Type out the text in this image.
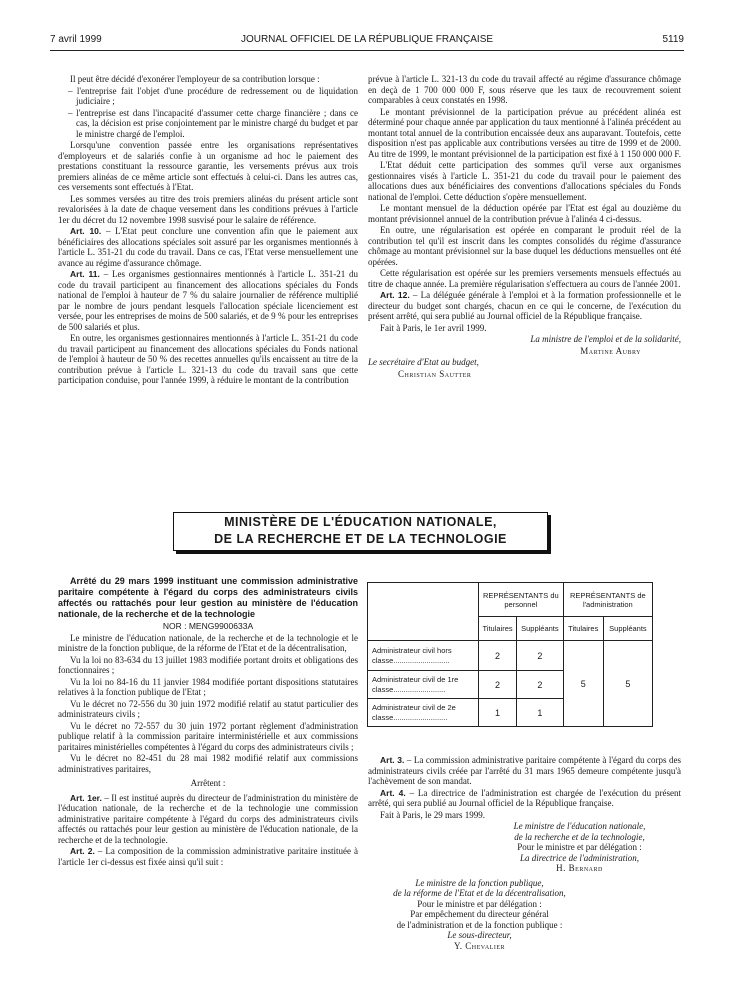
7 avril 1999	JOURNAL OFFICIEL DE LA RÉPUBLIQUE FRANÇAISE	5119

Il peut être décidé d'exonérer l'employeur de sa contribution lorsque :

– l'entreprise fait l'objet d'une procédure de redressement ou de liquidation judiciaire ;

– l'entreprise est dans l'incapacité d'assumer cette charge financière ; dans ce cas, la décision est prise conjointement par le ministre chargé du budget et par le ministre chargé de l'emploi.

Lorsqu'une convention passée entre les organisations représentatives d'employeurs et de salariés confie à un organisme ad hoc le paiement des prestations constituant la ressource garantie, les versements prévus aux trois premiers alinéas de ce même article sont effectués à celui-ci. Dans les autres cas, ces versements sont effectués à l'Etat.

Les sommes versées au titre des trois premiers alinéas du présent article sont revalorisées à la date de chaque versement dans les conditions prévues à l'article 1er du décret du 12 novembre 1998 susvisé pour le salaire de référence.

Art. 10. – L'Etat peut conclure une convention afin que le paiement aux bénéficiaires des allocations spéciales soit assuré par les organismes mentionnés à l'article L. 351-21 du code du travail. Dans ce cas, l'Etat verse mensuellement une avance au régime d'assurance chômage.

Art. 11. – Les organismes gestionnaires mentionnés à l'article L. 351-21 du code du travail participent au financement des allocations spéciales du Fonds national de l'emploi à hauteur de 7 % du salaire journalier de référence multiplié par le nombre de jours pendant lesquels l'allocation spéciale licenciement est versée, pour les entreprises de moins de 500 salariés, et de 9 % pour les entreprises de 500 salariés et plus.

En outre, les organismes gestionnaires mentionnés à l'article L. 351-21 du code du travail participent au financement des allocations spéciales du Fonds national de l'emploi à hauteur de 50 % des recettes annuelles qu'ils encaissent au titre de la contribution prévue à l'article L. 321-13 du code du travail sans que cette participation conduise, pour l'année 1999, à réduire le montant de la contribution

prévue à l'article L. 321-13 du code du travail affecté au régime d'assurance chômage en deçà de 1 700 000 000 F, sous réserve que les taux de recouvrement soient comparables à ceux constatés en 1998.

Le montant prévisionnel de la participation prévue au précédent alinéa est déterminé pour chaque année par application du taux mentionné à l'alinéa précédent au montant total annuel de la contribution encaissée deux ans auparavant. Toutefois, cette disposition n'est pas applicable aux contributions versées au titre de 1999 et de 2000. Au titre de 1999, le montant prévisionnel de la participation est fixé à 1 150 000 000 F.

L'Etat déduit cette participation des sommes qu'il verse aux organismes gestionnaires visés à l'article L. 351-21 du code du travail pour le paiement des allocations dues aux bénéficiaires des conventions d'allocations spéciales du Fonds national de l'emploi. Cette déduction s'opère mensuellement.

Le montant mensuel de la déduction opérée par l'Etat est égal au douzième du montant prévisionnel annuel de la contribution prévue à l'alinéa 4 ci-dessus.

En outre, une régularisation est opérée en comparant le produit réel de la contribution tel qu'il est inscrit dans les comptes consolidés du régime d'assurance chômage au montant prévisionnel sur la base duquel les déductions mensuelles ont été opérées.

Cette régularisation est opérée sur les premiers versements mensuels effectués au titre de chaque année. La première régularisation s'effectuera au cours de l'année 2001.

Art. 12. – La déléguée générale à l'emploi et à la formation professionnelle et le directeur du budget sont chargés, chacun en ce qui le concerne, de l'exécution du présent arrêté, qui sera publié au Journal officiel de la République française.

Fait à Paris, le 1er avril 1999.

La ministre de l'emploi et de la solidarité,

Martine Aubry

Le secrétaire d'Etat au budget,

Christian Sautter

MINISTÈRE DE L'ÉDUCATION NATIONALE,
DE LA RECHERCHE ET DE LA TECHNOLOGIE

Arrêté du 29 mars 1999 instituant une commission administrative paritaire compétente à l'égard du corps des administrateurs civils affectés ou rattachés pour leur gestion au ministère de l'éducation nationale, de la recherche et de la technologie

NOR : MENG9900633A

Le ministre de l'éducation nationale, de la recherche et de la technologie et le ministre de la fonction publique, de la réforme de l'Etat et de la décentralisation,

Vu la loi no 83-634 du 13 juillet 1983 modifiée portant droits et obligations des fonctionnaires ;

Vu la loi no 84-16 du 11 janvier 1984 modifiée portant dispositions statutaires relatives à la fonction publique de l'Etat ;

Vu le décret no 72-556 du 30 juin 1972 modifié relatif au statut particulier des administrateurs civils ;

Vu le décret no 72-557 du 30 juin 1972 portant règlement d'administration publique relatif à la commission paritaire interministérielle et aux commissions paritaires ministérielles compétentes à l'égard du corps des administrateurs civils ;

Vu le décret no 82-451 du 28 mai 1982 modifié relatif aux commissions administratives paritaires,

Arrêtent :

Art. 1er. – Il est institué auprès du directeur de l'administration du ministère de l'éducation nationale, de la recherche et de la technologie une commission administrative paritaire compétente à l'égard du corps des administrateurs civils affectés ou rattachés pour leur gestion au ministère de l'éducation nationale, de la recherche et de la technologie.

Art. 2. – La composition de la commission administrative paritaire instituée à l'article 1er ci-dessus est fixée ainsi qu'il suit :

	REPRÉSENTANTS du personnel		REPRÉSENTANTS de l'administration	
	Titulaires	Suppléants	Titulaires	Suppléants
Administrateur civil hors classe...........................	2	2	5	5
Administrateur civil de 1re classe.........................	2	2		
Administrateur civil de 2e classe..........................	1	1		

Art. 3. – La commission administrative paritaire compétente à l'égard du corps des administrateurs civils créée par l'arrêté du 31 mars 1965 demeure compétente jusqu'à l'achèvement de son mandat.

Art. 4. – La directrice de l'administration est chargée de l'exécution du présent arrêté, qui sera publié au Journal officiel de la République française.

Fait à Paris, le 29 mars 1999.

Le ministre de l'éducation nationale,
de la recherche et de la technologie,
Pour le ministre et par délégation :
La directrice de l'administration,
H. Bernard
Le ministre de la fonction publique,
de la réforme de l'Etat et de la décentralisation,
Pour le ministre et par délégation :
Par empêchement du directeur général
de l'administration et de la fonction publique :
Le sous-directeur,
Y. Chevalier
